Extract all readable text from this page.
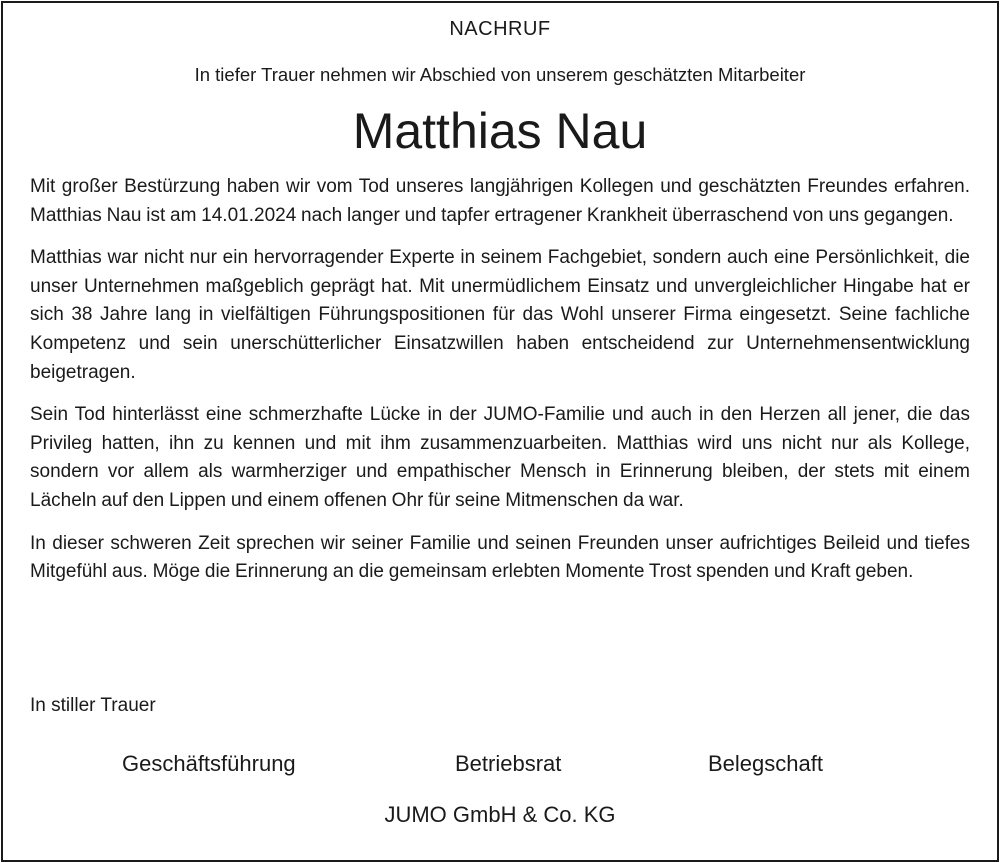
NACHRUF
In tiefer Trauer nehmen wir Abschied von unserem geschätzten Mitarbeiter
Matthias Nau

Mit großer Bestürzung haben wir vom Tod unseres langjährigen Kollegen und geschätzten Freundes erfahren. Matthias Nau ist am 14.01.2024 nach langer und tapfer ertragener Krankheit überraschend von uns gegangen.

Matthias war nicht nur ein hervorragender Experte in seinem Fachgebiet, sondern auch eine Persönlichkeit, die unser Unternehmen maßgeblich geprägt hat. Mit unermüdlichem Einsatz und unvergleichlicher Hingabe hat er sich 38 Jahre lang in vielfältigen Führungspositionen für das Wohl unserer Firma eingesetzt. Seine fachliche Kompetenz und sein unerschütterlicher Einsatzwillen haben entscheidend zur Unternehmensentwicklung beigetragen.

Sein Tod hinterlässt eine schmerzhafte Lücke in der JUMO-Familie und auch in den Herzen all jener, die das Privileg hatten, ihn zu kennen und mit ihm zusammenzuarbeiten. Matthias wird uns nicht nur als Kollege, sondern vor allem als warmherziger und empathischer Mensch in Erinnerung bleiben, der stets mit einem Lächeln auf den Lippen und einem offenen Ohr für seine Mitmenschen da war.

In dieser schweren Zeit sprechen wir seiner Familie und seinen Freunden unser aufrichtiges Beileid und tiefes Mitgefühl aus. Möge die Erinnerung an die gemeinsam erlebten Momente Trost spenden und Kraft geben.

In stiller Trauer
Geschäftsführung	Betriebsrat	Belegschaft
JUMO GmbH & Co. KG
